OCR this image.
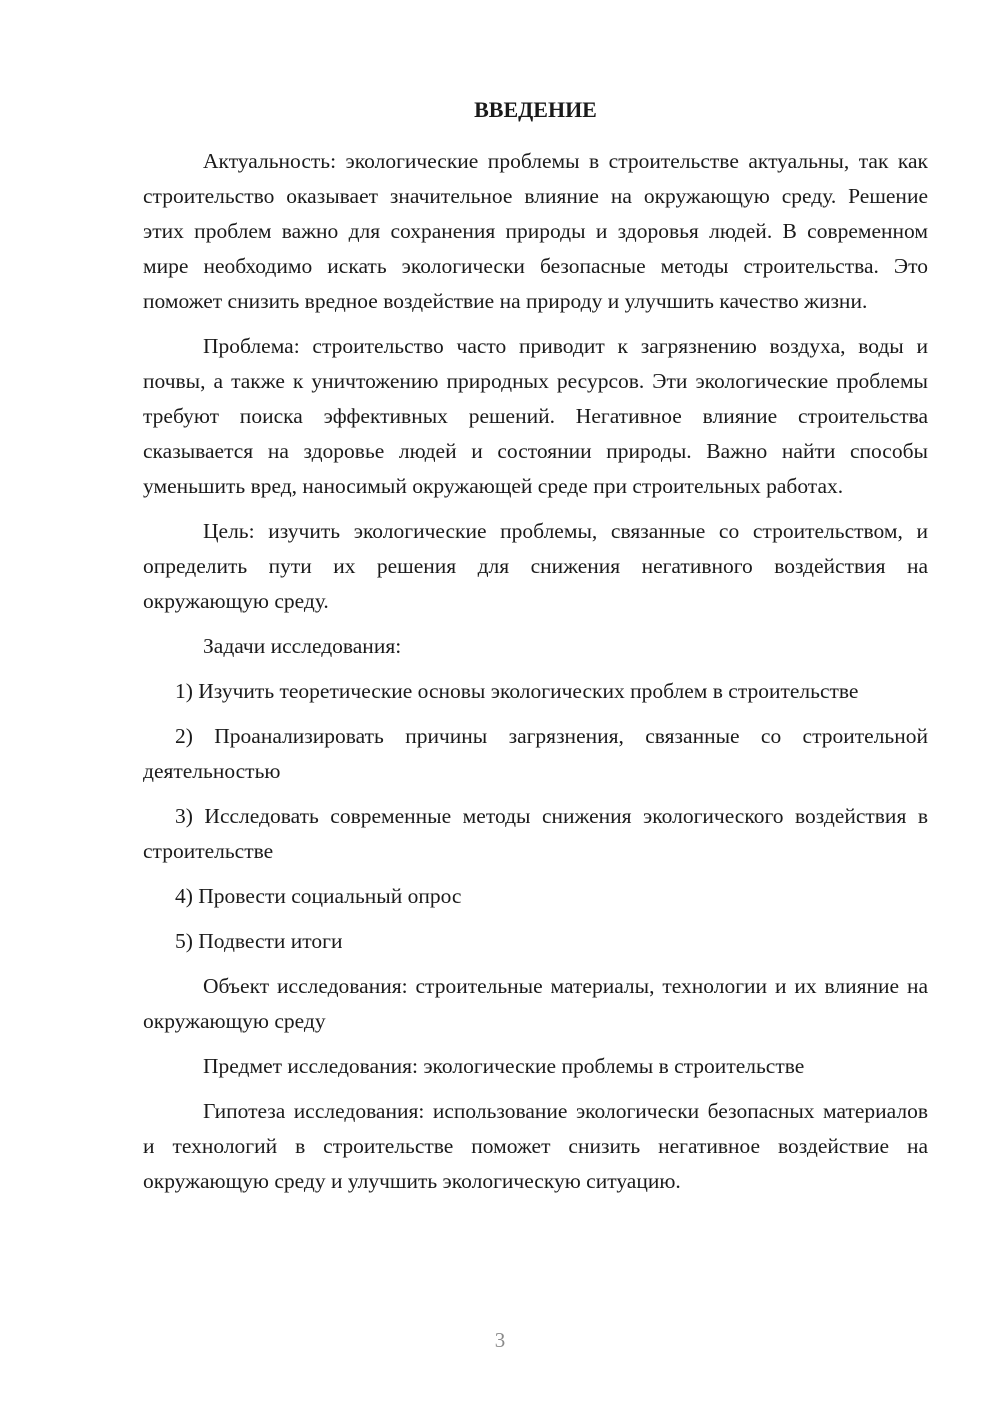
ВВЕДЕНИЕ

Актуальность: экологические проблемы в строительстве актуальны, так как строительство оказывает значительное влияние на окружающую среду. Решение этих проблем важно для сохранения природы и здоровья людей. В современном мире необходимо искать экологически безопасные методы строительства. Это поможет снизить вредное воздействие на природу и улучшить качество жизни.

Проблема: строительство часто приводит к загрязнению воздуха, воды и почвы, а также к уничтожению природных ресурсов. Эти экологические проблемы требуют поиска эффективных решений. Негативное влияние строительства сказывается на здоровье людей и состоянии природы. Важно найти способы уменьшить вред, наносимый окружающей среде при строительных работах.

Цель: изучить экологические проблемы, связанные со строительством, и определить пути их решения для снижения негативного воздействия на окружающую среду.

Задачи исследования:

1) Изучить теоретические основы экологических проблем в строительстве

2) Проанализировать причины загрязнения, связанные со строительной деятельностью

3) Исследовать современные методы снижения экологического воздействия в строительстве

4) Провести социальный опрос

5) Подвести итоги

Объект исследования: строительные материалы, технологии и их влияние на окружающую среду

Предмет исследования: экологические проблемы в строительстве

Гипотеза исследования: использование экологически безопасных материалов и технологий в строительстве поможет снизить негативное воздействие на окружающую среду и улучшить экологическую ситуацию.

3
